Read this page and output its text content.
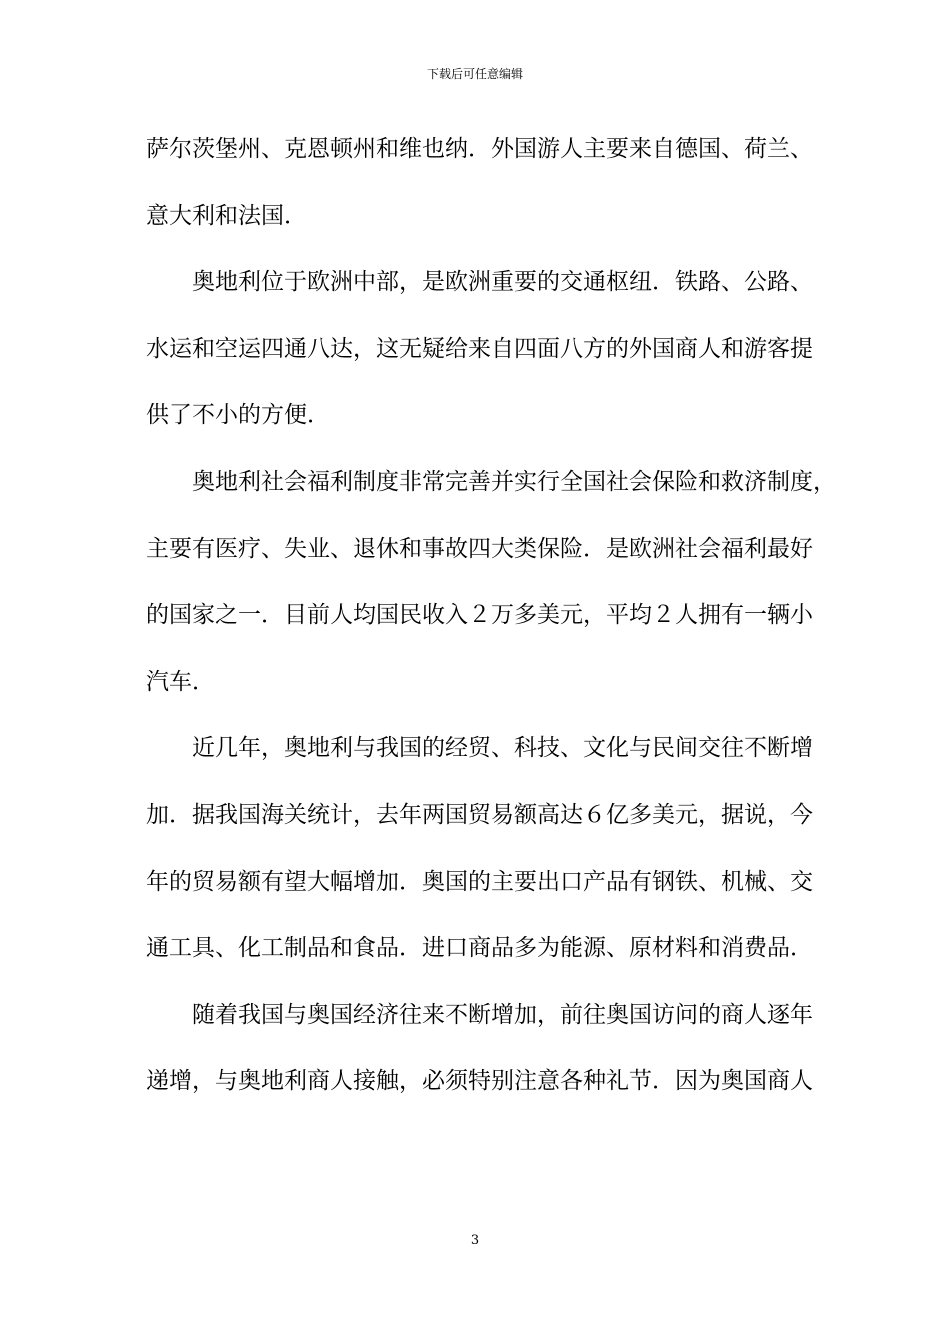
下载后可任意编辑
萨尔茨堡州、克恩顿州和维也纳．外国游人主要来自德国、荷兰、
意大利和法国．
奥地利位于欧洲中部，是欧洲重要的交通枢纽．铁路、公路、
水运和空运四通八达，这无疑给来自四面八方的外国商人和游客提
供了不小的方便．
奥地利社会福利制度非常完善并实行全国社会保险和救济制度，
主要有医疗、失业、退休和事故四大类保险．是欧洲社会福利最好
的国家之一．目前人均国民收入２万多美元，平均２人拥有一辆小
汽车．
近几年，奥地利与我国的经贸、科技、文化与民间交往不断增
加．据我国海关统计，去年两国贸易额高达６亿多美元，据说，今
年的贸易额有望大幅增加．奥国的主要出口产品有钢铁、机械、交
通工具、化工制品和食品．进口商品多为能源、原材料和消费品．
随着我国与奥国经济往来不断增加，前往奥国访问的商人逐年
递增，与奥地利商人接触，必须特别注意各种礼节．因为奥国商人
3
